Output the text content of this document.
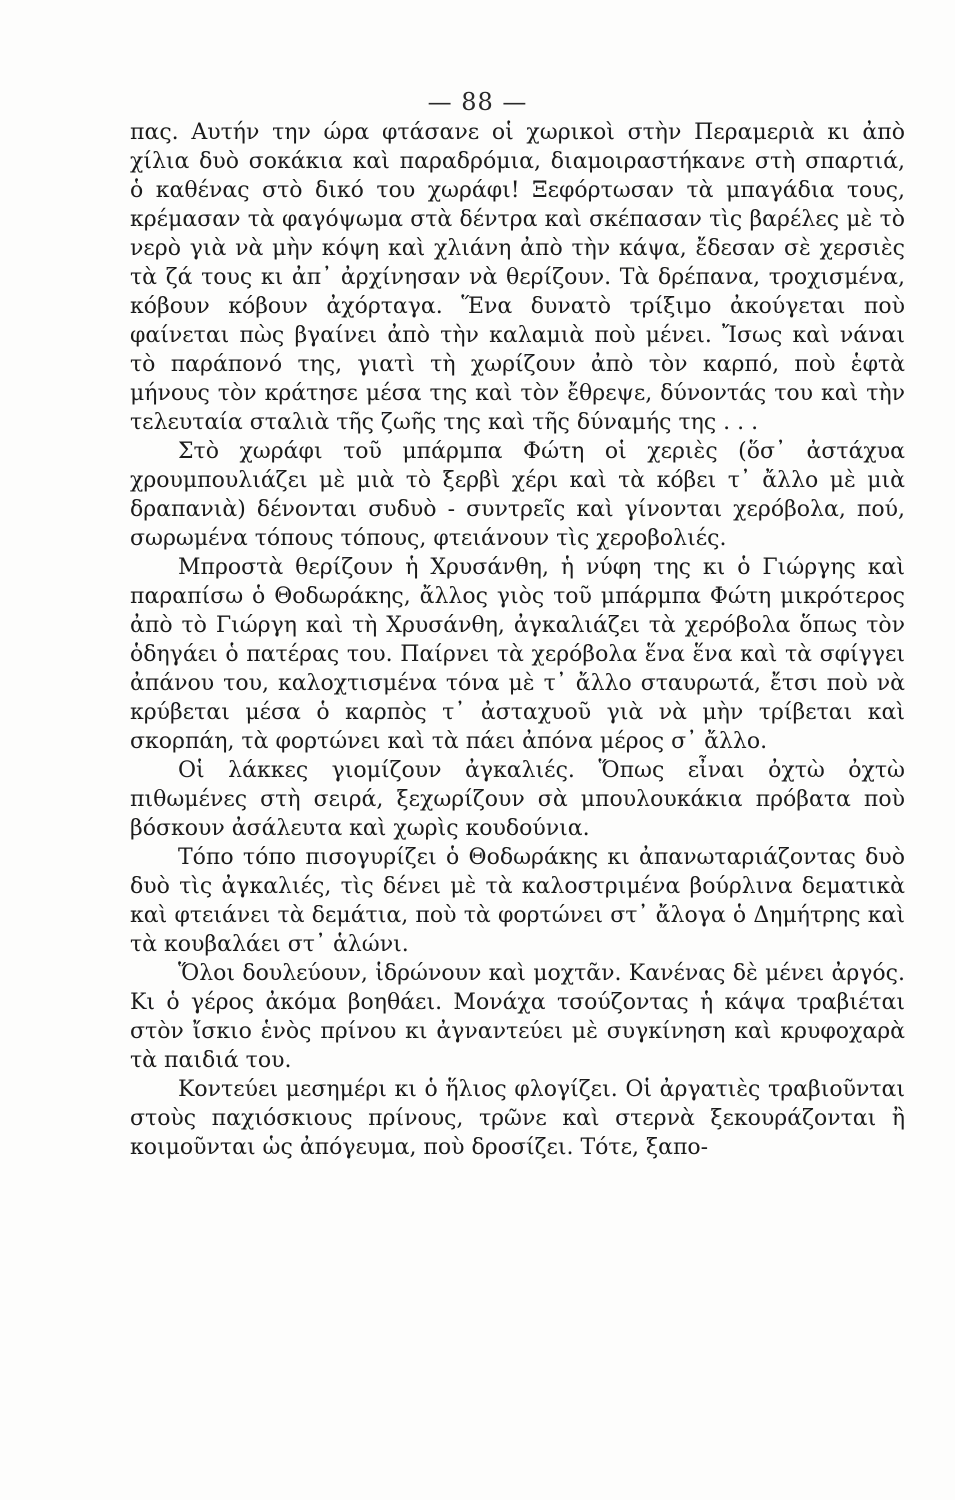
— 88 —

πας. Αυτήν την ώρα φτάσανε οἱ χωρικοὶ στὴν Περαμεριὰ κι ἀπὸ χίλια δυὸ σοκάκια καὶ παραδρόμια, διαμοιραστήκανε στὴ σπαρτιά, ὁ καθένας στὸ δικό του χωράφι! Ξεφόρτωσαν τὰ μπαγάδια τους, κρέμασαν τὰ φαγόψωμα στὰ δέντρα καὶ σκέπασαν τὶς βαρέλες μὲ τὸ νερὸ γιὰ νὰ μὴν κόψη καὶ χλιάνη ἀπὸ τὴν κάψα, ἔδεσαν σὲ χερσιὲς τὰ ζά τους κι ἀπ᾽ ἀρχίνησαν νὰ θερίζουν. Τὰ δρέπανα, τροχισμένα, κόβουν κόβουν ἀχόρταγα. Ἕνα δυνατὸ τρίξιμο ἀκούγεται ποὺ φαίνεται πὼς βγαίνει ἀπὸ τὴν καλαμιὰ ποὺ μένει. Ἴσως καὶ νάναι τὸ παράπονό της, γιατὶ τὴ χωρίζουν ἀπὸ τὸν καρπό, ποὺ ἑφτὰ μήνους τὸν κράτησε μέσα της καὶ τὸν ἔθρεψε, δύνοντάς του καὶ τὴν τελευταία σταλιὰ τῆς ζωῆς της καὶ τῆς δύναμής της . . .

Στὸ χωράφι τοῦ μπάρμπα Φώτη οἱ χεριὲς (ὅσ᾽ ἀστάχυα χρουμπουλιάζει μὲ μιὰ τὸ ξερβὶ χέρι καὶ τὰ κόβει τ᾽ ἄλλο μὲ μιὰ δραπανιὰ) δένονται συδυὸ - συντρεῖς καὶ γίνονται χερόβολα, πού, σωρωμένα τόπους τόπους, φτειάνουν τὶς χεροβολιές.

Μπροστὰ θερίζουν ἡ Χρυσάνθη, ἡ νύφη της κι ὁ Γιώργης καὶ παραπίσω ὁ Θοδωράκης, ἄλλος γιὸς τοῦ μπάρμπα Φώτη μικρότερος ἀπὸ τὸ Γιώργη καὶ τὴ Χρυσάνθη, ἀγκαλιάζει τὰ χερόβολα ὅπως τὸν ὁδηγάει ὁ πατέρας του. Παίρνει τὰ χερόβολα ἕνα ἕνα καὶ τὰ σφίγγει ἀπάνου του, καλοχτισμένα τόνα μὲ τ᾽ ἄλλο σταυρωτά, ἔτσι ποὺ νὰ κρύβεται μέσα ὁ καρπὸς τ᾽ ἀσταχυοῦ γιὰ νὰ μὴν τρίβεται καὶ σκορπάη, τὰ φορτώνει καὶ τὰ πάει ἀπόνα μέρος σ᾽ ἄλλο.

Οἱ λάκκες γιομίζουν ἀγκαλιές. Ὅπως εἶναι ὀχτὼ ὀχτὼ πιθωμένες στὴ σειρά, ξεχωρίζουν σὰ μπουλουκάκια πρόβατα ποὺ βόσκουν ἀσάλευτα καὶ χωρὶς κουδούνια.

Τόπο τόπο πισογυρίζει ὁ Θοδωράκης κι ἀπανωταριάζοντας δυὸ δυὸ τὶς ἀγκαλιές, τὶς δένει μὲ τὰ καλοστριμένα βούρλινα δεματικὰ καὶ φτειάνει τὰ δεμάτια, ποὺ τὰ φορτώνει στ᾽ ἄλογα ὁ Δημήτρης καὶ τὰ κουβαλάει στ᾽ ἁλώνι.

Ὅλοι δουλεύουν, ἱδρώνουν καὶ μοχτᾶν. Κανένας δὲ μένει ἀργός. Κι ὁ γέρος ἀκόμα βοηθάει. Μονάχα τσούζοντας ἡ κάψα τραβιέται στὸν ἴσκιο ἑνὸς πρίνου κι ἀγναντεύει μὲ συγκίνηση καὶ κρυφοχαρὰ τὰ παιδιά του.

Κοντεύει μεσημέρι κι ὁ ἥλιος φλογίζει. Οἱ ἀργατιὲς τραβιοῦνται στοὺς παχιόσκιους πρίνους, τρῶνε καὶ στερνὰ ξεκουράζονται ἢ κοιμοῦνται ὡς ἀπόγευμα, ποὺ δροσίζει. Τότε, ξαπο-
